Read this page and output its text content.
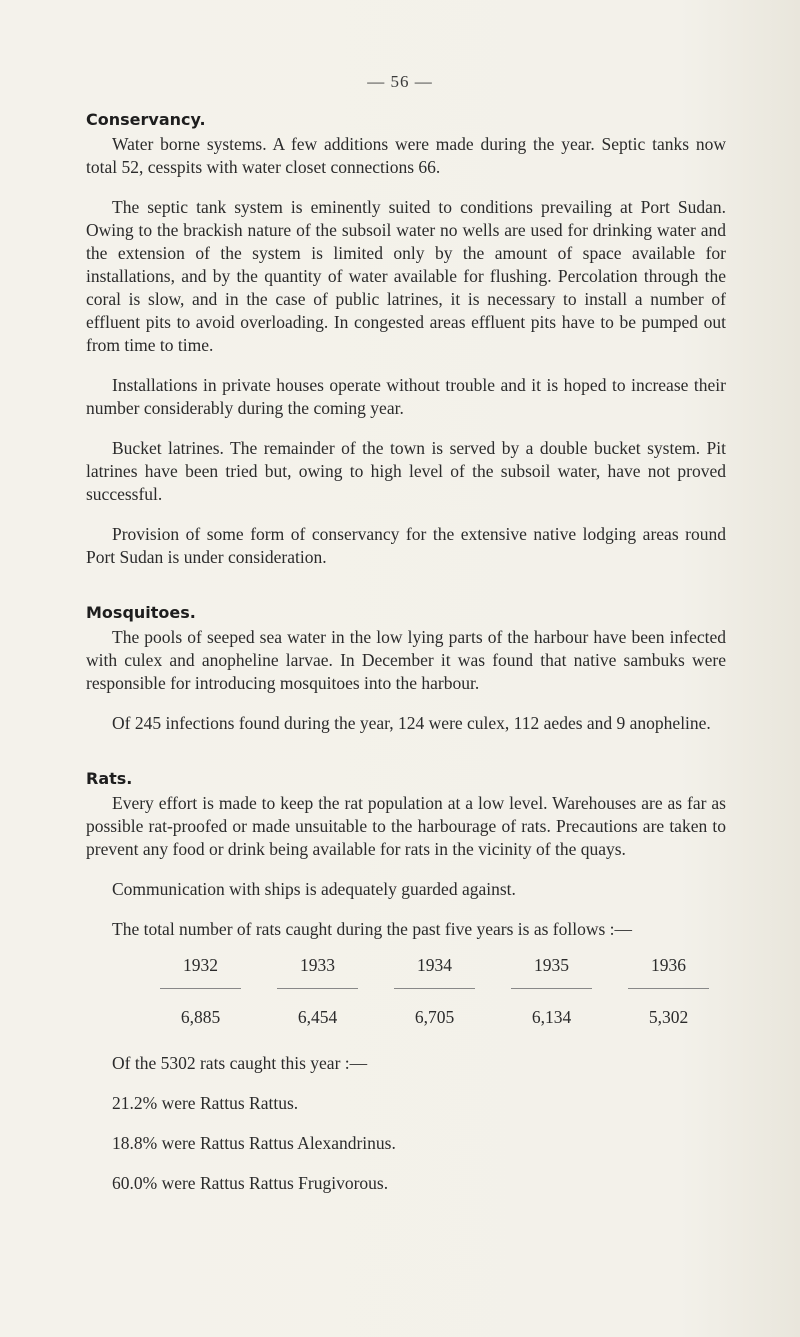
— 56 —
Conservancy.

Water borne systems. A few additions were made during the year. Septic tanks now total 52, cesspits with water closet connections 66.

The septic tank system is eminently suited to conditions prevailing at Port Sudan. Owing to the brackish nature of the subsoil water no wells are used for drinking water and the extension of the system is limited only by the amount of space available for installations, and by the quantity of water available for flushing. Percolation through the coral is slow, and in the case of public latrines, it is necessary to install a number of effluent pits to avoid overloading. In congested areas effluent pits have to be pumped out from time to time.

Installations in private houses operate without trouble and it is hoped to increase their number considerably during the coming year.

Bucket latrines. The remainder of the town is served by a double bucket system. Pit latrines have been tried but, owing to high level of the subsoil water, have not proved successful.

Provision of some form of conservancy for the extensive native lodging areas round Port Sudan is under consideration.

Mosquitoes.

The pools of seeped sea water in the low lying parts of the harbour have been infected with culex and anopheline larvae. In December it was found that native sambuks were responsible for introducing mosquitoes into the harbour.

Of 245 infections found during the year, 124 were culex, 112 aedes and 9 anopheline.

Rats.

Every effort is made to keep the rat population at a low level. Warehouses are as far as possible rat-proofed or made unsuitable to the harbourage of rats. Precautions are taken to prevent any food or drink being available for rats in the vicinity of the quays.

Communication with ships is adequately guarded against.

The total number of rats caught during the past five years is as follows :—

1932	1933	1934	1935	1936
6,885	6,454	6,705	6,134	5,302

Of the 5302 rats caught this year :—

21.2% were Rattus Rattus.

18.8% were Rattus Rattus Alexandrinus.

60.0% were Rattus Rattus Frugivorous.
